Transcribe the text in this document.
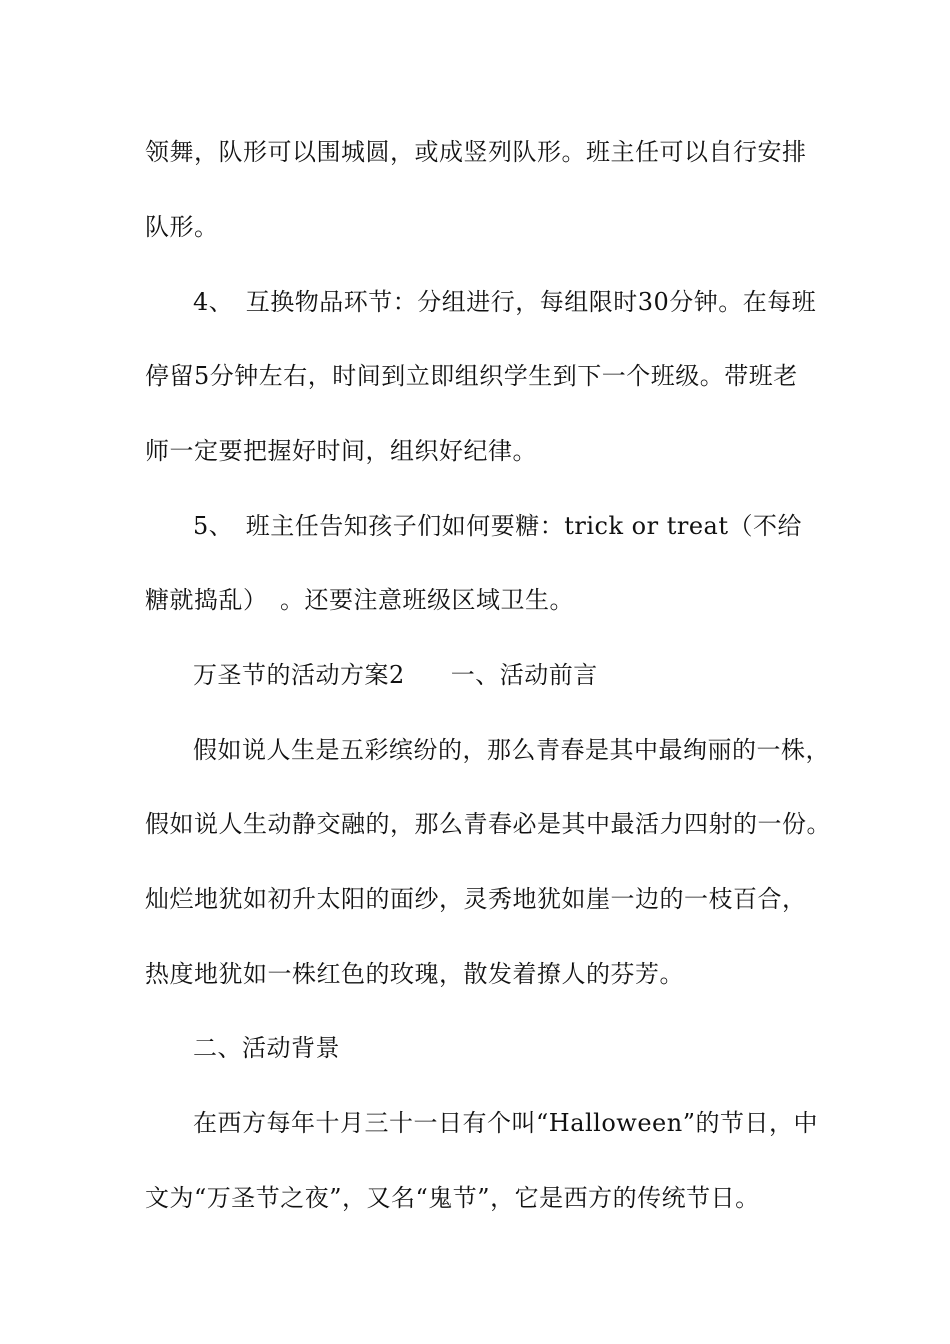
领舞，队形可以围城圆，或成竖列队形。班主任可以自行安排
队形。
4、　互换物品环节：分组进行，每组限时30分钟。在每班
停留5分钟左右，时间到立即组织学生到下一个班级。带班老
师一定要把握好时间，组织好纪律。
5、　班主任告知孩子们如何要糖：trick or treat（不给
糖就捣乱）　。还要注意班级区域卫生。
万圣节的活动方案2 一、活动前言
假如说人生是五彩缤纷的，那么青春是其中最绚丽的一株，
假如说人生动静交融的，那么青春必是其中最活力四射的一份。
灿烂地犹如初升太阳的面纱，灵秀地犹如崖一边的一枝百合，
热度地犹如一株红色的玫瑰，散发着撩人的芬芳。
二、活动背景
在西方每年十月三十一日有个叫“Halloween”的节日，中
文为“万圣节之夜”，又名“鬼节”，它是西方的传统节日。
